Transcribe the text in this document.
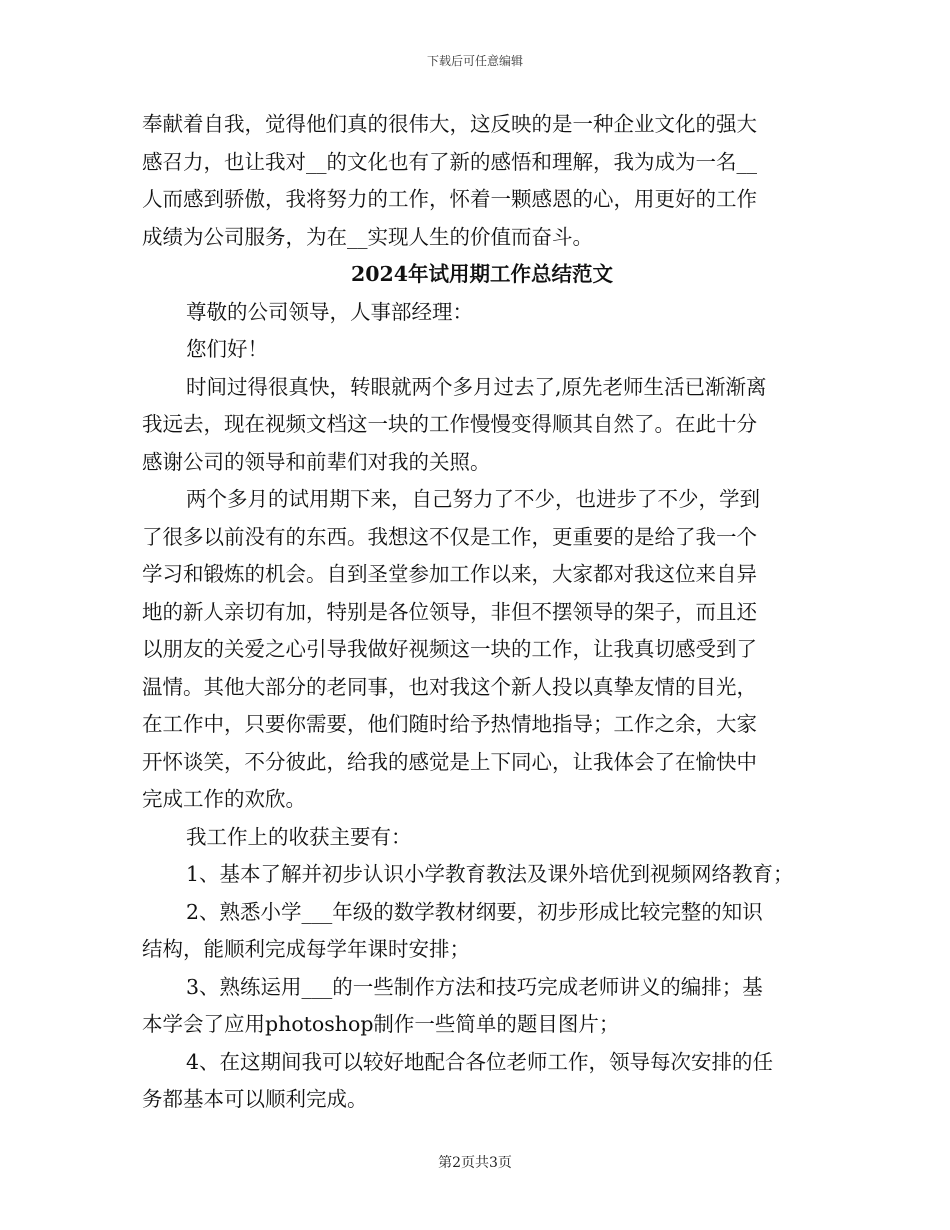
下载后可任意编辑

奉献着自我，觉得他们真的很伟大，这反映的是一种企业文化的强大

感召力，也让我对__的文化也有了新的感悟和理解，我为成为一名__

人而感到骄傲，我将努力的工作，怀着一颗感恩的心，用更好的工作

成绩为公司服务，为在__实现人生的价值而奋斗。

2024年试用期工作总结范文

尊敬的公司领导，人事部经理：

您们好！

时间过得很真快，转眼就两个多月过去了,原先老师生活已渐渐离

我远去，现在视频文档这一块的工作慢慢变得顺其自然了。在此十分

感谢公司的领导和前辈们对我的关照。

两个多月的试用期下来，自己努力了不少，也进步了不少，学到

了很多以前没有的东西。我想这不仅是工作，更重要的是给了我一个

学习和锻炼的机会。自到圣堂参加工作以来，大家都对我这位来自异

地的新人亲切有加，特别是各位领导，非但不摆领导的架子，而且还

以朋友的关爱之心引导我做好视频这一块的工作，让我真切感受到了

温情。其他大部分的老同事，也对我这个新人投以真挚友情的目光，

在工作中，只要你需要，他们随时给予热情地指导；工作之余，大家

开怀谈笑，不分彼此，给我的感觉是上下同心，让我体会了在愉快中

完成工作的欢欣。

我工作上的收获主要有：

1、基本了解并初步认识小学教育教法及课外培优到视频网络教育；

2、熟悉小学___年级的数学教材纲要，初步形成比较完整的知识

结构，能顺利完成每学年课时安排；

3、熟练运用___的一些制作方法和技巧完成老师讲义的编排；基

本学会了应用photoshop制作一些简单的题目图片；

4、在这期间我可以较好地配合各位老师工作，领导每次安排的任

务都基本可以顺利完成。

第2页共3页
